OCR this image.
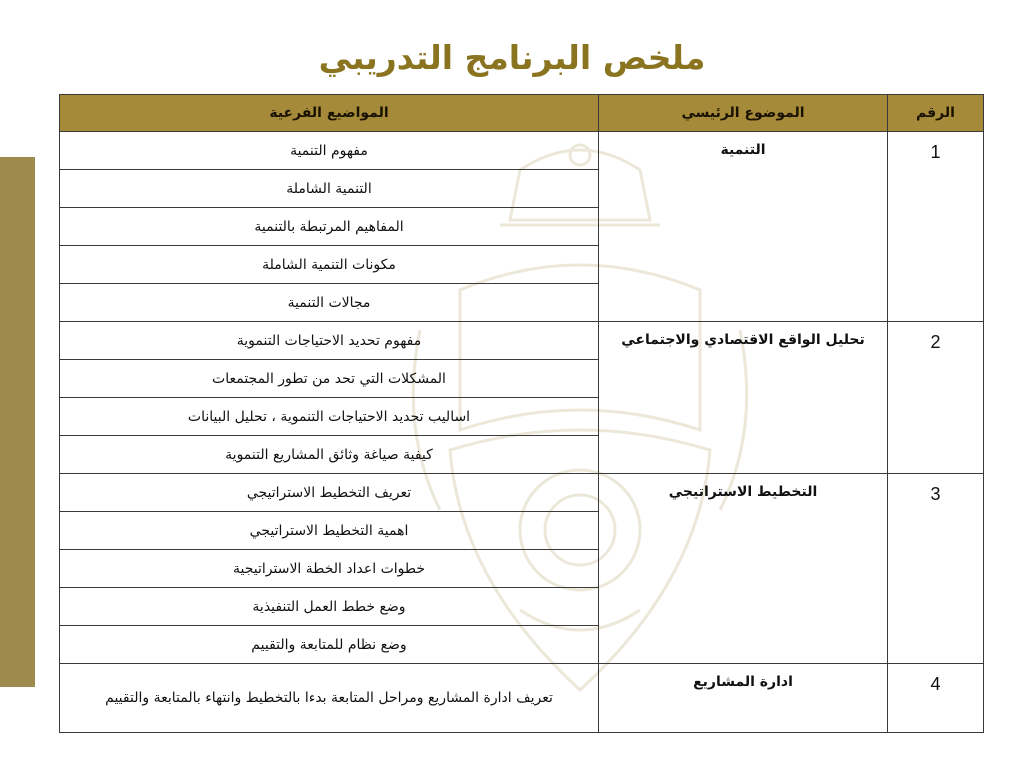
ملخص البرنامج التدريبي
الرقم	الموضوع الرئيسي	المواضيع الفرعية
1	التنمية	مفهوم التنمية
		التنمية الشاملة
		المفاهيم المرتبطة بالتنمية
		مكونات التنمية الشاملة
		مجالات التنمية
2	تحليل الواقع الاقتصادي والاجتماعي	مفهوم تحديد الاحتياجات التنموية
		المشكلات التي تحد من تطور المجتمعات
		اساليب تحديد الاحتياجات التنموية ، تحليل البيانات
		كيفية صياغة وثائق المشاريع التنموية
3	التخطيط الاستراتيجي	تعريف التخطيط الاستراتيجي
		اهمية التخطيط الاستراتيجي
		خطوات اعداد الخطة الاستراتيجية
		وضع خطط العمل التنفيذية
		وضع نظام للمتابعة والتقييم
4	ادارة المشاريع	تعريف ادارة المشاريع ومراحل المتابعة بدءا بالتخطيط وانتهاء بالمتابعة والتقييم
